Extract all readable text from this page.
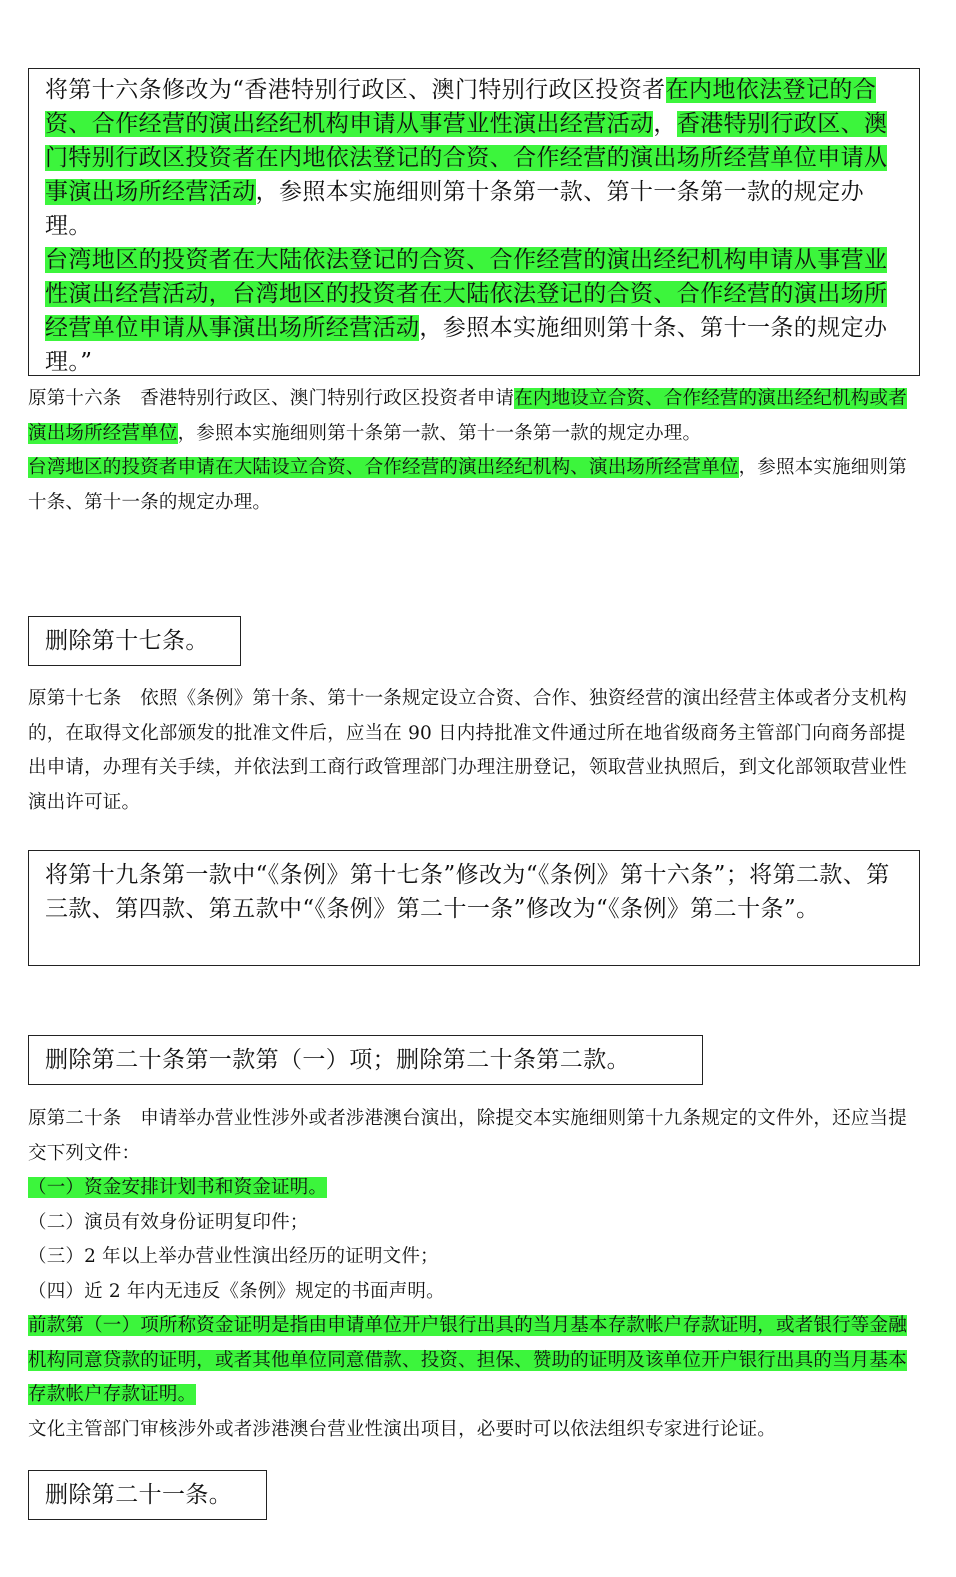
将第十六条修改为“香港特别行政区、澳门特别行政区投资者在内地依法登记的合资、合作经营的演出经纪机构申请从事营业性演出经营活动，香港特别行政区、澳门特别行政区投资者在内地依法登记的合资、合作经营的演出场所经营单位申请从事演出场所经营活动，参照本实施细则第十条第一款、第十一条第一款的规定办理。

台湾地区的投资者在大陆依法登记的合资、合作经营的演出经纪机构申请从事营业性演出经营活动，台湾地区的投资者在大陆依法登记的合资、合作经营的演出场所经营单位申请从事演出场所经营活动，参照本实施细则第十条、第十一条的规定办理。”

原第十六条　香港特别行政区、澳门特别行政区投资者申请在内地设立合资、合作经营的演出经纪机构或者演出场所经营单位，参照本实施细则第十条第一款、第十一条第一款的规定办理。

台湾地区的投资者申请在大陆设立合资、合作经营的演出经纪机构、演出场所经营单位，参照本实施细则第十条、第十一条的规定办理。

删除第十七条。

原第十七条　依照《条例》第十条、第十一条规定设立合资、合作、独资经营的演出经营主体或者分支机构的，在取得文化部颁发的批准文件后，应当在 90 日内持批准文件通过所在地省级商务主管部门向商务部提出申请，办理有关手续，并依法到工商行政管理部门办理注册登记，领取营业执照后，到文化部领取营业性演出许可证。

将第十九条第一款中“《条例》第十七条”修改为“《条例》第十六条”；将第二款、第三款、第四款、第五款中“《条例》第二十一条”修改为“《条例》第二十条”。
删除第二十条第一款第（一）项；删除第二十条第二款。

原第二十条　申请举办营业性涉外或者涉港澳台演出，除提交本实施细则第十九条规定的文件外，还应当提交下列文件：

（一）资金安排计划书和资金证明。

（二）演员有效身份证明复印件；

（三）2 年以上举办营业性演出经历的证明文件；

（四）近 2 年内无违反《条例》规定的书面声明。

前款第（一）项所称资金证明是指由申请单位开户银行出具的当月基本存款帐户存款证明，或者银行等金融机构同意贷款的证明，或者其他单位同意借款、投资、担保、赞助的证明及该单位开户银行出具的当月基本存款帐户存款证明。

文化主管部门审核涉外或者涉港澳台营业性演出项目，必要时可以依法组织专家进行论证。

删除第二十一条。
